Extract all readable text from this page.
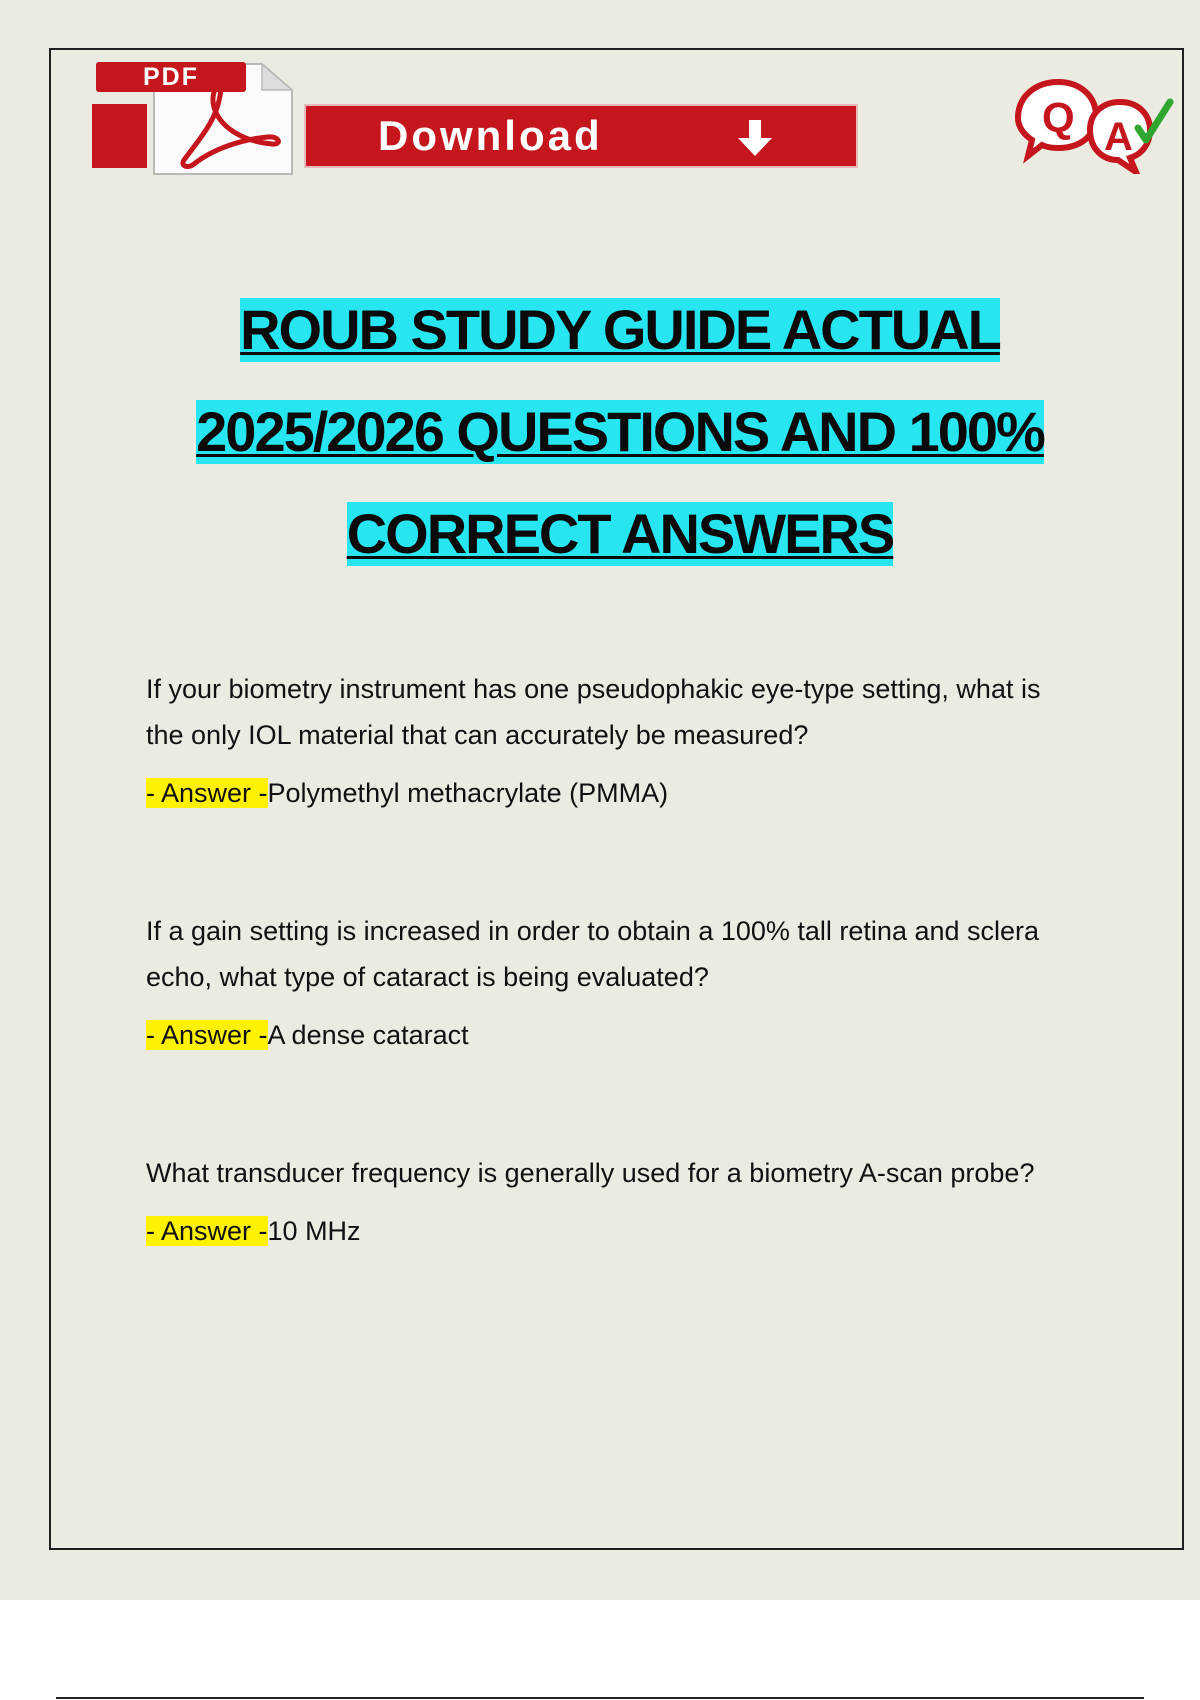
PDF
Download	Q A
ROUB STUDY GUIDE ACTUAL
2025/2026 QUESTIONS AND 100%
CORRECT ANSWERS

If your biometry instrument has one pseudophakic eye-type setting, what is the only IOL material that can accurately be measured?

- Answer -Polymethyl methacrylate (PMMA)

If a gain setting is increased in order to obtain a 100% tall retina and sclera echo, what type of cataract is being evaluated?

- Answer -A dense cataract

What transducer frequency is generally used for a biometry A-scan probe?

- Answer -10 MHz
